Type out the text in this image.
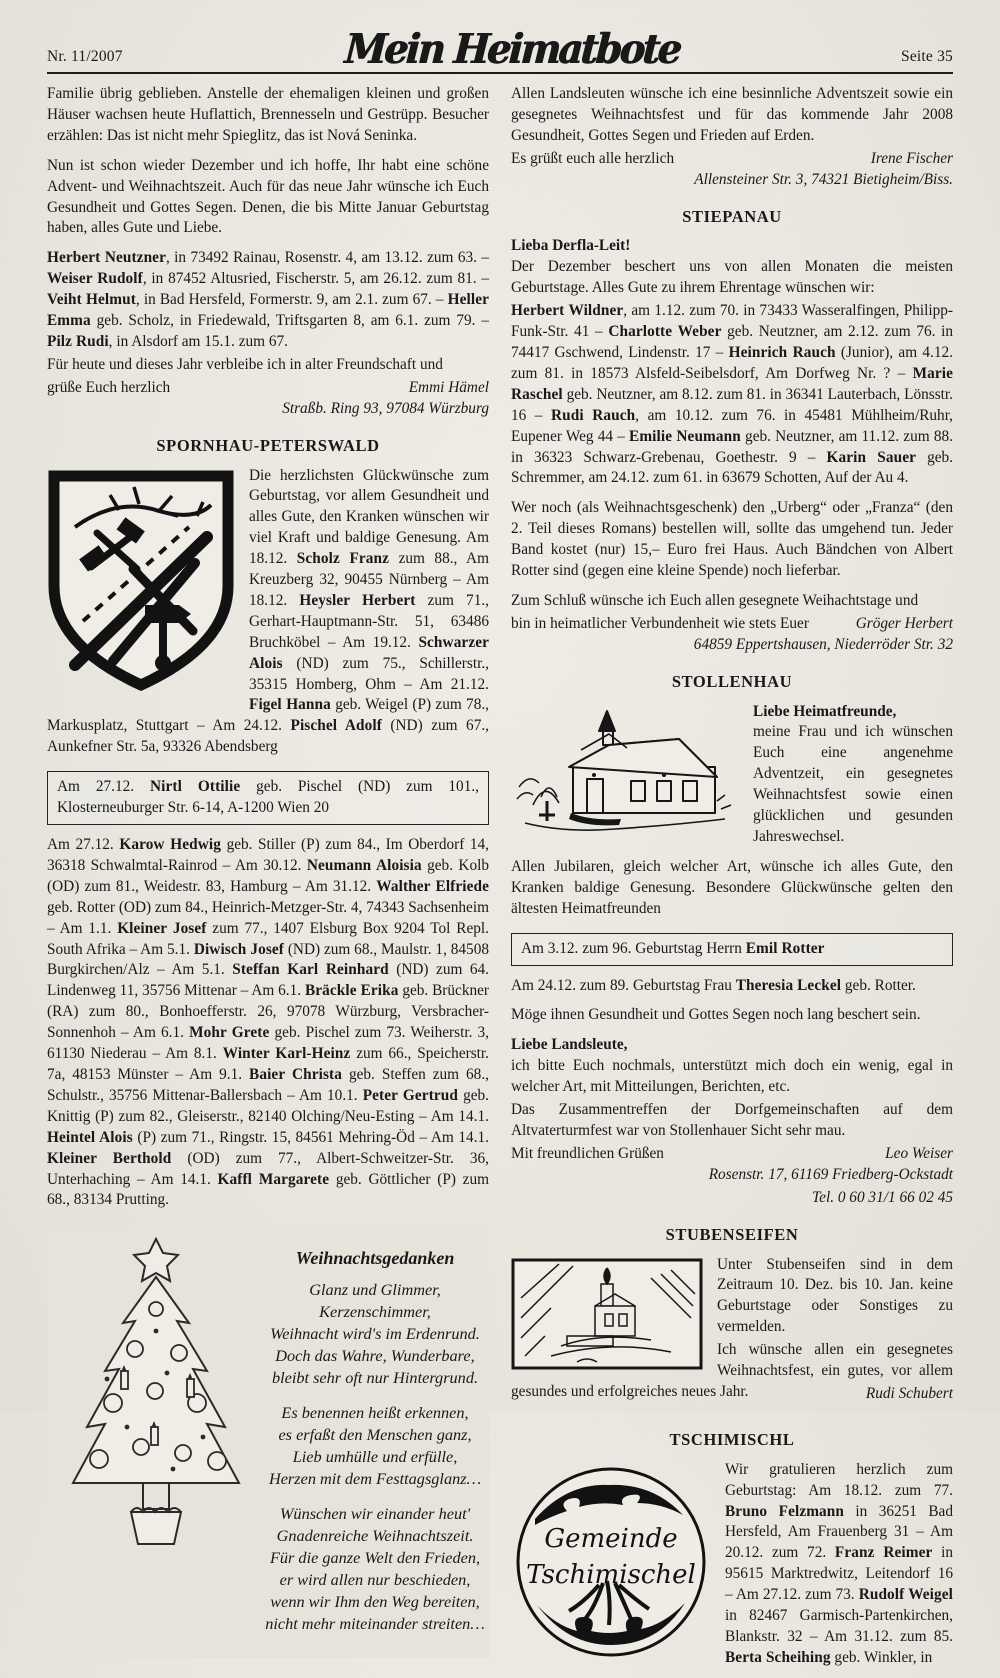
Nr. 11/2007	Mein Heimatbote	Seite 35

Familie übrig geblieben. Anstelle der ehemaligen kleinen und großen Häuser wachsen heute Huflattich, Brennesseln und Gestrüpp. Besucher erzählen: Das ist nicht mehr Spieglitz, das ist Nová Seninka.

Nun ist schon wieder Dezember und ich hoffe, Ihr habt eine schöne Advent- und Weihnachtszeit. Auch für das neue Jahr wünsche ich Euch Gesundheit und Gottes Segen. Denen, die bis Mitte Januar Geburtstag haben, alles Gute und Liebe.

Herbert Neutzner, in 73492 Rainau, Rosenstr. 4, am 13.12. zum 63. – Weiser Rudolf, in 87452 Altusried, Fischerstr. 5, am 26.12. zum 81. – Veiht Helmut, in Bad Hersfeld, Formerstr. 9, am 2.1. zum 67. – Heller Emma geb. Scholz, in Friedewald, Triftsgarten 8, am 6.1. zum 79. – Pilz Rudi, in Alsdorf am 15.1. zum 67.

Für heute und dieses Jahr verbleibe ich in alter Freundschaft und

grüße Euch herzlich	Emmi Hämel
Straßb. Ring 93, 97084 Würzburg
SPORNHAU-PETERSWALD

Die herzlichsten Glückwünsche zum Geburtstag, vor allem Gesundheit und alles Gute, den Kranken wünschen wir viel Kraft und baldige Genesung. Am 18.12. Scholz Franz zum 88., Am Kreuzberg 32, 90455 Nürnberg – Am 18.12. Heysler Herbert zum 71., Gerhart-Hauptmann-Str. 51, 63486 Bruchköbel – Am 19.12. Schwarzer Alois (ND) zum 75., Schillerstr., 35315 Homberg, Ohm – Am 21.12. Figel Hanna geb. Weigel (P) zum 78., Markusplatz, Stuttgart – Am 24.12. Pischel Adolf (ND) zum 67., Aunkefner Str. 5a, 93326 Abendsberg

Am 27.12. Nirtl Ottilie geb. Pischel (ND) zum 101., Klosterneuburger Str. 6-14, A-1200 Wien 20

Am 27.12. Karow Hedwig geb. Stiller (P) zum 84., Im Oberdorf 14, 36318 Schwalmtal-Rainrod – Am 30.12. Neumann Aloisia geb. Kolb (OD) zum 81., Weidestr. 83, Hamburg – Am 31.12. Walther Elfriede geb. Rotter (OD) zum 84., Heinrich-Metzger-Str. 4, 74343 Sachsenheim – Am 1.1. Kleiner Josef zum 77., 1407 Elsburg Box 9204 Tol Repl. South Afrika – Am 5.1. Diwisch Josef (ND) zum 68., Maulstr. 1, 84508 Burgkirchen/Alz – Am 5.1. Steffan Karl Reinhard (ND) zum 64. Lindenweg 11, 35756 Mittenar – Am 6.1. Bräckle Erika geb. Brückner (RA) zum 80., Bonhoefferstr. 26, 97078 Würzburg, Versbracher-Sonnenhoh – Am 6.1. Mohr Grete geb. Pischel zum 73. Weiherstr. 3, 61130 Niederau – Am 8.1. Winter Karl-Heinz zum 66., Speicherstr. 7a, 48153 Münster – Am 9.1. Baier Christa geb. Steffen zum 68., Schulstr., 35756 Mittenar-Ballersbach – Am 10.1. Peter Gertrud geb. Knittig (P) zum 82., Gleiserstr., 82140 Olching/Neu-Esting – Am 14.1. Heintel Alois (P) zum 71., Ringstr. 15, 84561 Mehring-Öd – Am 14.1. Kleiner Berthold (OD) zum 77., Albert-Schweitzer-Str. 36, Unterhaching – Am 14.1. Kaffl Margarete geb. Göttlicher (P) zum 68., 83134 Prutting.

Weihnachtsgedanken
Glanz und Glimmer, Kerzenschimmer,
Weihnacht wird's im Erdenrund.
Doch das Wahre, Wunderbare,
bleibt sehr oft nur Hintergrund.
Es benennen heißt erkennen,
es erfaßt den Menschen ganz,
Lieb umhülle und erfülle,
Herzen mit dem Festtagsglanz…
Wünschen wir einander heut'
Gnadenreiche Weihnachtszeit.
Für die ganze Welt den Frieden,
er wird allen nur beschieden,
wenn wir Ihm den Weg bereiten,
nicht mehr miteinander streiten…

Allen Landsleuten wünsche ich eine besinnliche Adventszeit sowie ein gesegnetes Weihnachtsfest und für das kommende Jahr 2008 Gesundheit, Gottes Segen und Frieden auf Erden.

Es grüßt euch alle herzlich	Irene Fischer
Allensteiner Str. 3, 74321 Bietigheim/Biss.
STIEPANAU
Lieba Derfla-Leit!

Der Dezember beschert uns von allen Monaten die meisten Geburtstage. Alles Gute zu ihrem Ehrentage wünschen wir:

Herbert Wildner, am 1.12. zum 70. in 73433 Wasseralfingen, Philipp-Funk-Str. 41 – Charlotte Weber geb. Neutzner, am 2.12. zum 76. in 74417 Gschwend, Lindenstr. 17 – Heinrich Rauch (Junior), am 4.12. zum 81. in 18573 Alsfeld-Seibelsdorf, Am Dorfweg Nr. ? – Marie Raschel geb. Neutzner, am 8.12. zum 81. in 36341 Lauterbach, Lönsstr. 16 – Rudi Rauch, am 10.12. zum 76. in 45481 Mühlheim/Ruhr, Eupener Weg 44 – Emilie Neumann geb. Neutzner, am 11.12. zum 88. in 36323 Schwarz-Grebenau, Goethestr. 9 – Karin Sauer geb. Schremmer, am 24.12. zum 61. in 63679 Schotten, Auf der Au 4.

Wer noch (als Weihnachtsgeschenk) den „Urberg“ oder „Franza“ (den 2. Teil dieses Romans) bestellen will, sollte das umgehend tun. Jeder Band kostet (nur) 15,– Euro frei Haus. Auch Bändchen von Albert Rotter sind (gegen eine kleine Spende) noch lieferbar.

Zum Schluß wünsche ich Euch allen gesegnete Weihachtstage und

bin in heimatlicher Verbundenheit wie stets Euer	Gröger Herbert
64859 Eppertshausen, Niederröder Str. 32
STOLLENHAU
Liebe Heimatfreunde,

meine Frau und ich wünschen Euch eine angenehme Adventzeit, ein gesegnetes Weihnachtsfest sowie einen glücklichen und gesunden Jahreswechsel.

Allen Jubilaren, gleich welcher Art, wünsche ich alles Gute, den Kranken baldige Genesung. Besondere Glückwünsche gelten den ältesten Heimatfreunden

Am 3.12. zum 96. Geburtstag Herrn Emil Rotter

Am 24.12. zum 89. Geburtstag Frau Theresia Leckel geb. Rotter.

Möge ihnen Gesundheit und Gottes Segen noch lang beschert sein.

Liebe Landsleute,

ich bitte Euch nochmals, unterstützt mich doch ein wenig, egal in welcher Art, mit Mitteilungen, Berichten, etc.

Das Zusammentreffen der Dorfgemeinschaften auf dem Altvaterturmfest war von Stollenhauer Sicht sehr mau.

Mit freundlichen Grüßen	Leo Weiser
Rosenstr. 17, 61169 Friedberg-Ockstadt
Tel. 0 60 31/1 66 02 45
STUBENSEIFEN

Unter Stubenseifen sind in dem Zeitraum 10. Dez. bis 10. Jan. keine Geburtstage oder Sonstiges zu vermelden.

Ich wünsche allen ein gesegnetes Weihnachtsfest, ein gutes, vor allem gesundes und erfolgreiches neues Jahr.	Rudi Schubert
TSCHIMISCHL
Gemeinde
Tschimischel

Wir gratulieren herzlich zum Geburtstag: Am 18.12. zum 77. Bruno Felzmann in 36251 Bad Hersfeld, Am Frauenberg 31 – Am 20.12. zum 72. Franz Reimer in 95615 Marktredwitz, Leitendorf 16 – Am 27.12. zum 73. Rudolf Weigel in 82467 Garmisch-Partenkirchen, Blankstr. 32 – Am 31.12. zum 85. Berta Scheihing geb. Winkler, in
